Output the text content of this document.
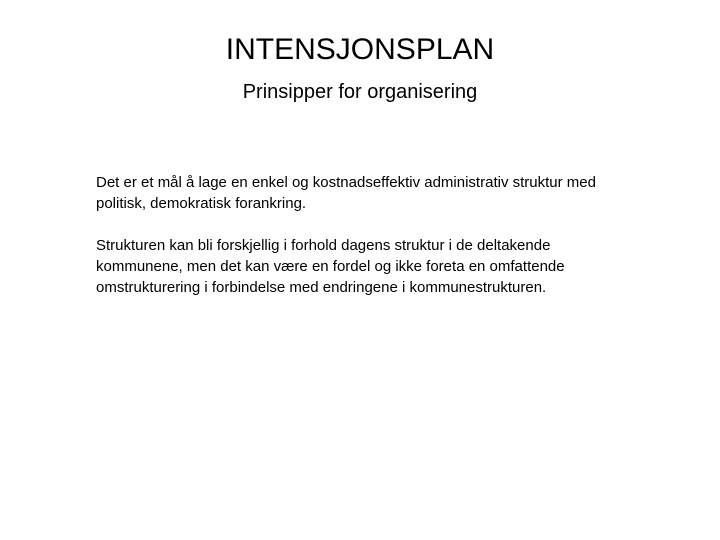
INTENSJONSPLAN
Prinsipper for organisering

Det er et mål å lage en enkel og kostnadseffektiv administrativ struktur med politisk, demokratisk forankring.

Strukturen kan bli forskjellig i forhold dagens struktur i de deltakende kommunene, men det kan være en fordel og ikke foreta en omfattende omstrukturering i forbindelse med endringene i kommunestrukturen.
